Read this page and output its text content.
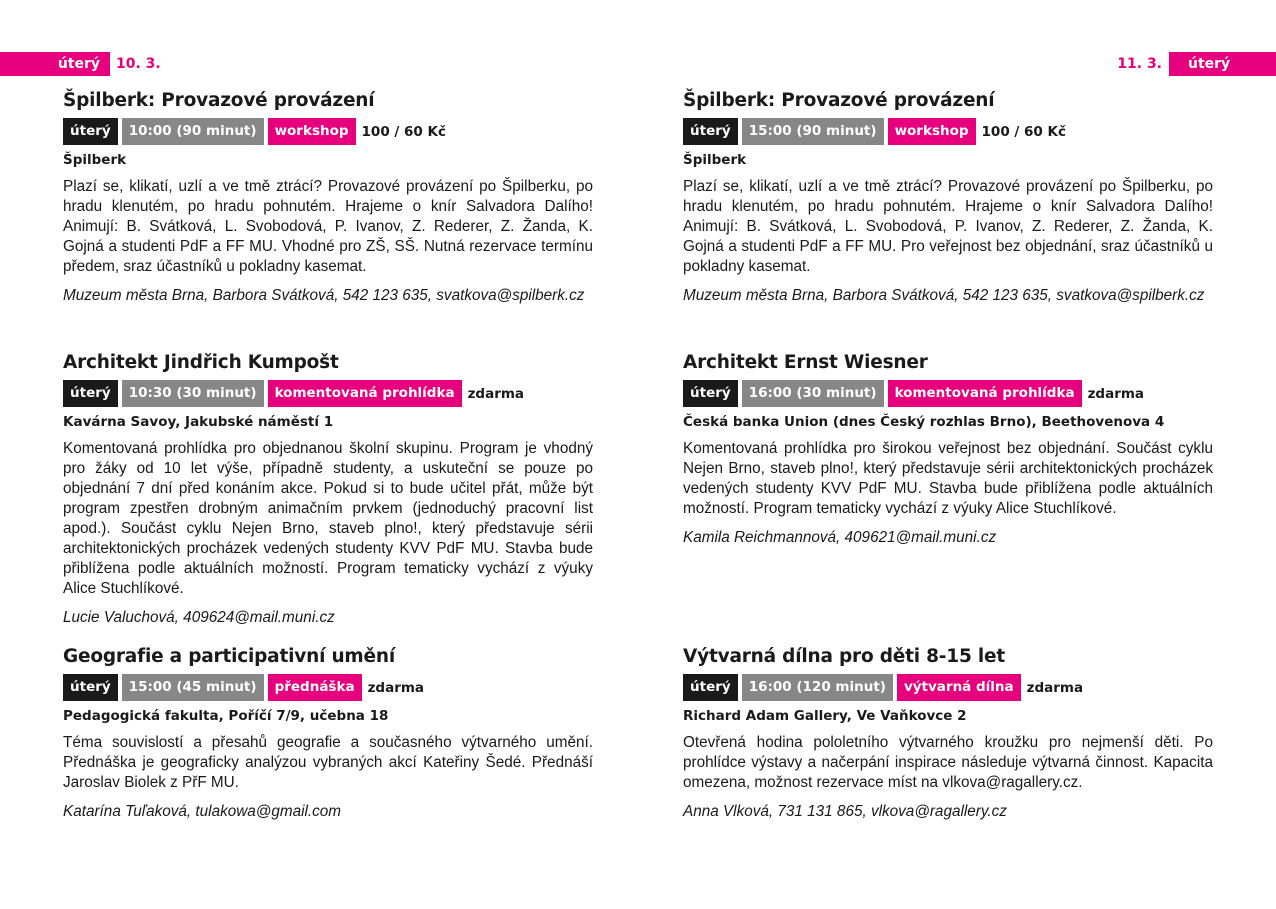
úterý	10. 3.	11. 3.	úterý
Špilberk: Provazové provázení
úterý	10:00 (90 minut)	workshop 100 / 60 Kč
Špilberk
Plazí se, klikatí, uzlí a ve tmě ztrácí? Provazové provázení po Špilberku, po hradu klenutém, po hradu pohnutém. Hrajeme o knír Salvadora Dalího! Animují: B. Svátková, L. Svobodová, P. Ivanov, Z. Rederer, Z. Žanda, K. Gojná a studenti PdF a FF MU. Vhodné pro ZŠ, SŠ. Nutná rezervace termínu předem, sraz účastníků u pokladny kasemat.
Muzeum města Brna, Barbora Svátková, 542 123 635, svatkova@spilberk.cz
Architekt Jindřich Kumpošt
úterý	10:30 (30 minut)	komentovaná prohlídka zdarma
Kavárna Savoy, Jakubské náměstí 1
Komentovaná prohlídka pro objednanou školní skupinu. Program je vhodný pro žáky od 10 let výše, případně studenty, a uskuteční se pouze po objednání 7 dní před konáním akce. Pokud si to bude učitel přát, může být program zpestřen drobným animačním prvkem (jednoduchý pracovní list apod.). Součást cyklu Nejen Brno, staveb plno!, který představuje sérii architektonických procházek vedených studenty KVV PdF MU. Stavba bude přiblížena podle aktuálních možností. Program tematicky vychází z výuky Alice Stuchlíkové.
Lucie Valuchová, 409624@mail.muni.cz
Geografie a participativní umění
úterý	15:00 (45 minut)	přednáška zdarma
Pedagogická fakulta, Poříčí 7/9, učebna 18
Téma souvislostí a přesahů geografie a současného výtvarného umění. Přednáška je geograficky analýzou vybraných akcí Kateřiny Šedé. Přednáší Jaroslav Biolek z PřF MU.
Katarína Tuľaková, tulakowa@gmail.com
Špilberk: Provazové provázení
úterý	15:00 (90 minut)	workshop 100 / 60 Kč
Špilberk
Plazí se, klikatí, uzlí a ve tmě ztrácí? Provazové provázení po Špilberku, po hradu klenutém, po hradu pohnutém. Hrajeme o knír Salvadora Dalího! Animují: B. Svátková, L. Svobodová, P. Ivanov, Z. Rederer, Z. Žanda, K. Gojná a studenti PdF a FF MU. Pro veřejnost bez objednání, sraz účastníků u pokladny kasemat.
Muzeum města Brna, Barbora Svátková, 542 123 635, svatkova@spilberk.cz
Architekt Ernst Wiesner
úterý	16:00 (30 minut)	komentovaná prohlídka zdarma
Česká banka Union (dnes Český rozhlas Brno), Beethovenova 4
Komentovaná prohlídka pro širokou veřejnost bez objednání. Součást cyklu Nejen Brno, staveb plno!, který představuje sérii architektonických procházek vedených studenty KVV PdF MU. Stavba bude přiblížena podle aktuálních možností. Program tematicky vychází z výuky Alice Stuchlíkové.
Kamila Reichmannová, 409621@mail.muni.cz
Výtvarná dílna pro děti 8-15 let
úterý	16:00 (120 minut)	výtvarná dílna zdarma
Richard Adam Gallery, Ve Vaňkovce 2
Otevřená hodina pololetního výtvarného kroužku pro nejmenší děti. Po prohlídce výstavy a načerpání inspirace následuje výtvarná činnost. Kapacita omezena, možnost rezervace míst na vlkova@ragallery.cz.
Anna Vlková, 731 131 865, vlkova@ragallery.cz
